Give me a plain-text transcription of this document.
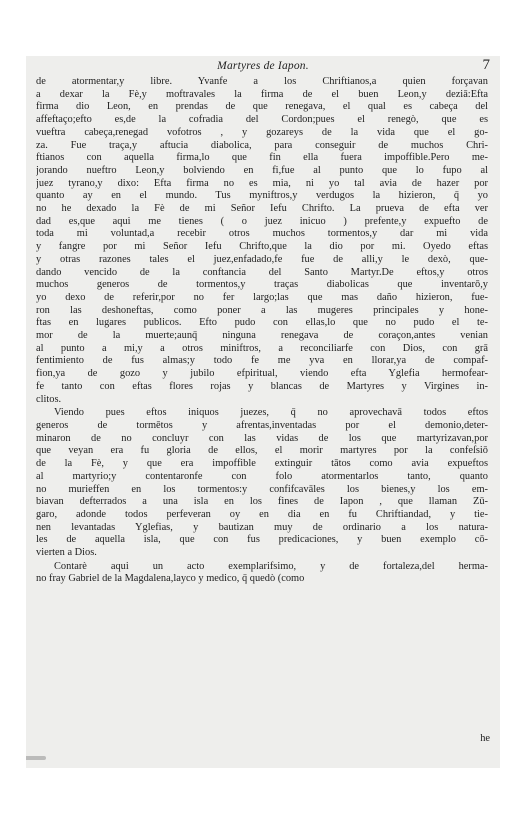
Martyres de Iapon.	7
de atormentar,y libre. Yvanfe a los Chriftianos,a quien forçavan
a dexar la Fè,y moftravales la firma de el buen Leon,y deziā:Efta
firma dio Leon, en prendas de que renegava, el qual es cabeça del
affeftaço;efto es,de la cofradia del Cordon;pues el renegò, que es
vueftra cabeça,renegad vofotros , y gozareys de la vida que el go-
za. Fue traça,y aftucia diabolica, para conseguir de muchos Chri-
ftianos con aquella firma,lo que fin ella fuera impoffible.Pero me-
jorando nueftro Leon,y bolviendo en fi,fue al punto que lo fupo al
juez tyrano,y dixo: Efta firma no es mia, ni yo tal avia de hazer por
quanto ay en el mundo. Tus myniftros,y verdugos la hizieron, q̄ yo
no he dexado la Fè de mi Señor Iefu Chrifto. La prueva de efta ver
dad es,que aqui me tienes ( o juez inicuo ) prefente,y expuefto de
toda mi voluntad,a recebir otros muchos tormentos,y dar mi vida
y fangre por mi Señor Iefu Chrifto,que la dio por mi. Oyedo eftas
y otras razones tales el juez,enfadado,fe fue de alli,y le dexò, que-
dando vencido de la conftancia del Santo Martyr.De eftos,y otros
muchos generos de tormentos,y traças diabolicas que inventarō,y
yo dexo de referir,por no fer largo;las que mas daño hizieron, fue-
ron las deshoneftas, como poner a las mugeres principales y hone-
ftas en lugares publicos. Efto pudo con ellas,lo que no pudo el te-
mor de la muerte;aunq̄ ninguna renegava de coraçon,antes venian
al punto a mi,y a otros miniftros, a reconciliarfe con Dios, con grā
fentimiento de fus almas;y todo fe me yva en llorar,ya de compaf-
fion,ya de gozo y jubilo efpiritual, viendo efta Yglefia hermofear-
fe tanto con eftas flores rojas y blancas de Martyres y Virgines in-
clitos.
Viendo pues eftos iniquos juezes, q̄ no aprovechavā todos eftos
generos de tormētos y afrentas,inventadas por el demonio,deter-
minaron de no concluyr con las vidas de los que martyrizavan,por
que veyan era fu gloria de ellos, el morir martyres por la confeſsiō
de la Fè, y que era impoffible extinguir tātos como avia expueftos
al martyrio;y contentaronfe con folo atormentarlos tanto, quanto
no murieffen en los tormentos:y confifcavāles los bienes,y los em-
biavan defterrados a una isla en los fines de Iapon , que llaman Zū-
garo, adonde todos perfeveran oy en dia en fu Chriftiandad, y tie-
nen levantadas Yglefias, y bautizan muy de ordinario a los natura-
les de aquella isla, que con fus predicaciones, y buen exemplo cō-
vierten a Dios.
Contarè aqui un acto exemplarifsimo, y de fortaleza,del herma-
no fray Gabriel de la Magdalena,layco y medico, q̄ quedò (como
he
